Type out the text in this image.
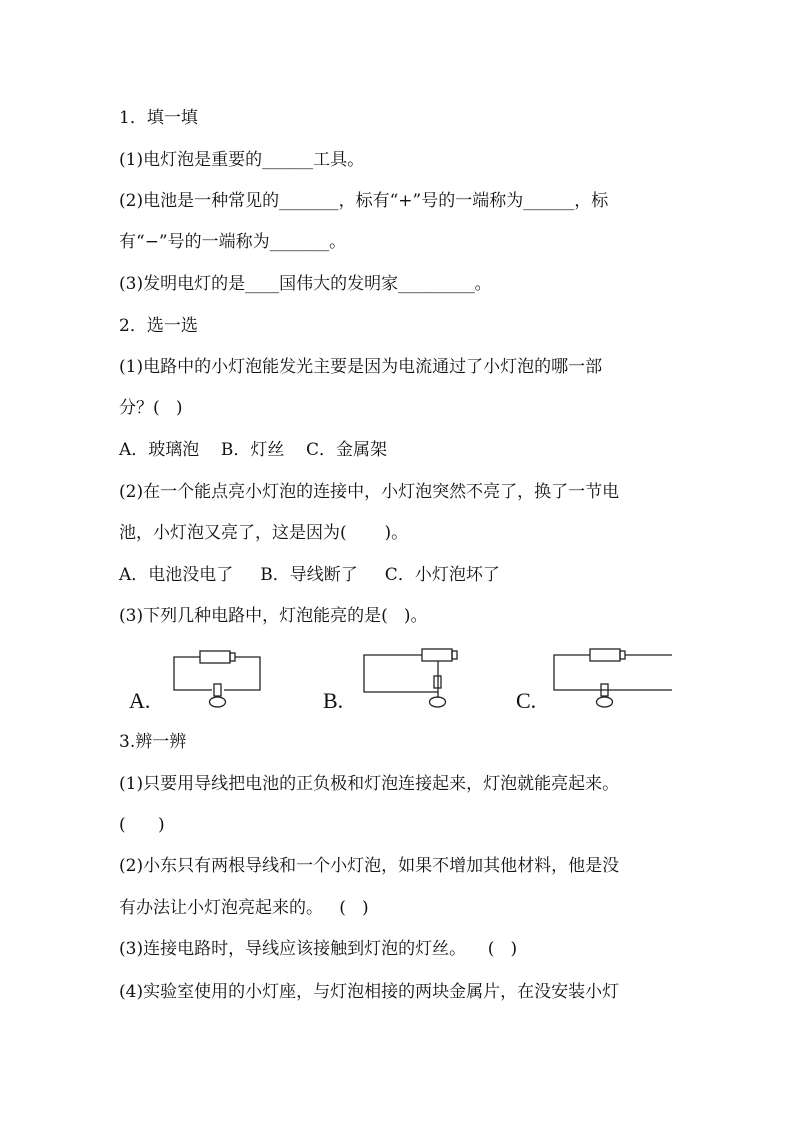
1．填一填
(1)电灯泡是重要的______工具。
(2)电池是一种常见的_______，标有“+”号的一端称为______，标
有“−”号的一端称为_______。
(3)发明电灯的是____国伟大的发明家_________。
2．选一选
(1)电路中的小灯泡能发光主要是因为电流通过了小灯泡的哪一部
分？(   )
A．玻璃泡    B．灯丝    C．金属架
(2)在一个能点亮小灯泡的连接中，小灯泡突然不亮了，换了一节电
池，小灯泡又亮了，这是因为(       )。
A．电池没电了     B．导线断了     C．小灯泡坏了
(3)下列几种电路中，灯泡能亮的是(   )。
A.	B.	C.
3.辨一辨
(1)只要用导线把电池的正负极和灯泡连接起来，灯泡就能亮起来。
(      )
(2)小东只有两根导线和一个小灯泡，如果不增加其他材料，他是没
有办法让小灯泡亮起来的。   (   )
(3)连接电路时，导线应该接触到灯泡的灯丝。    (   )
(4)实验室使用的小灯座，与灯泡相接的两块金属片，在没安装小灯
